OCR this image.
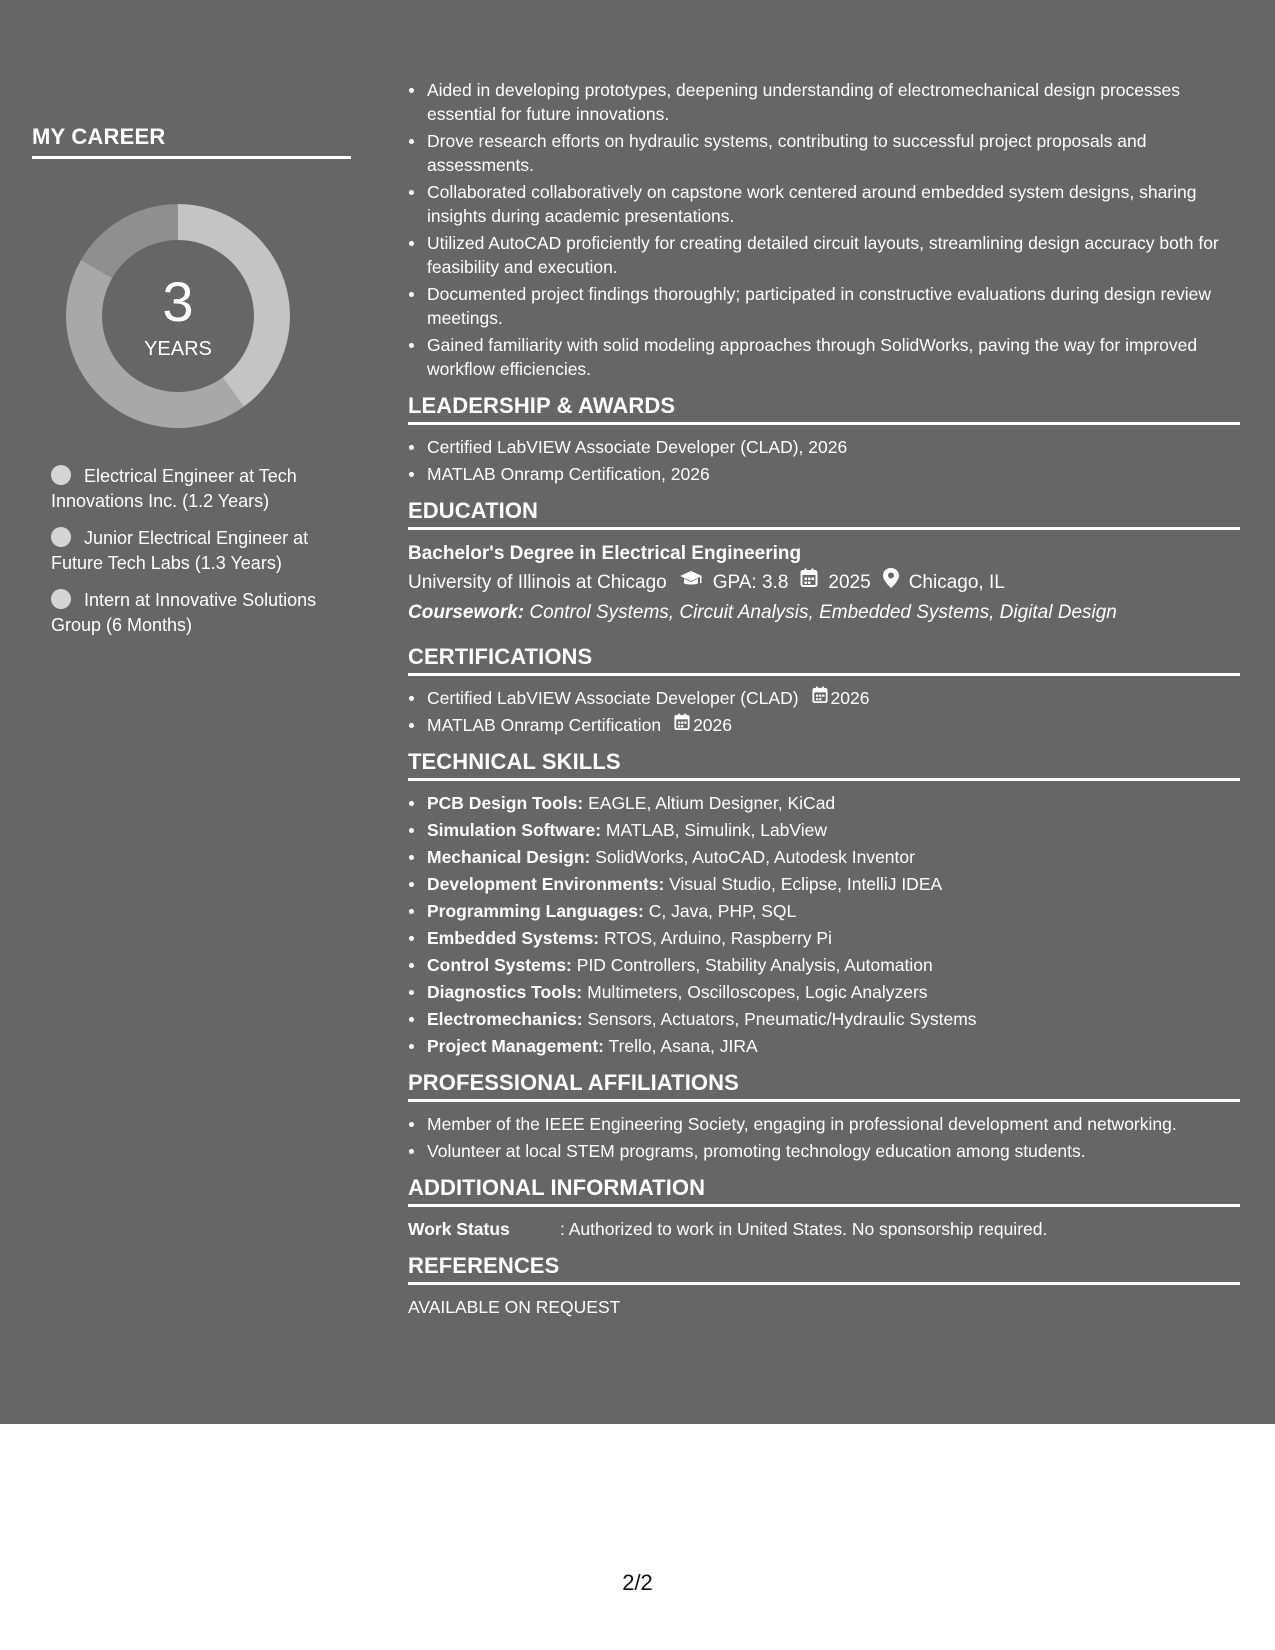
MY CAREER
3
YEARS
Electrical Engineer at Tech Innovations Inc. (1.2 Years)
Junior Electrical Engineer at Future Tech Labs (1.3 Years)
Intern at Innovative Solutions Group (6 Months)
Aided in developing prototypes, deepening understanding of electromechanical design processes essential for future innovations.
Drove research efforts on hydraulic systems, contributing to successful project proposals and assessments.
Collaborated collaboratively on capstone work centered around embedded system designs, sharing insights during academic presentations.
Utilized AutoCAD proficiently for creating detailed circuit layouts, streamlining design accuracy both for feasibility and execution.
Documented project findings thoroughly; participated in constructive evaluations during design review meetings.
Gained familiarity with solid modeling approaches through SolidWorks, paving the way for improved workflow efficiencies.
LEADERSHIP & AWARDS
Certified LabVIEW Associate Developer (CLAD), 2026
MATLAB Onramp Certification, 2026
EDUCATION
Bachelor's Degree in Electrical Engineering
University of Illinois at Chicago GPA: 3.8 2025 Chicago, IL
Coursework: Control Systems, Circuit Analysis, Embedded Systems, Digital Design
CERTIFICATIONS
Certified LabVIEW Associate Developer (CLAD) 2026
MATLAB Onramp Certification 2026
TECHNICAL SKILLS
PCB Design Tools: EAGLE, Altium Designer, KiCad
Simulation Software: MATLAB, Simulink, LabView
Mechanical Design: SolidWorks, AutoCAD, Autodesk Inventor
Development Environments: Visual Studio, Eclipse, IntelliJ IDEA
Programming Languages: C, Java, PHP, SQL
Embedded Systems: RTOS, Arduino, Raspberry Pi
Control Systems: PID Controllers, Stability Analysis, Automation
Diagnostics Tools: Multimeters, Oscilloscopes, Logic Analyzers
Electromechanics: Sensors, Actuators, Pneumatic/Hydraulic Systems
Project Management: Trello, Asana, JIRA
PROFESSIONAL AFFILIATIONS
Member of the IEEE Engineering Society, engaging in professional development and networking.
Volunteer at local STEM programs, promoting technology education among students.
ADDITIONAL INFORMATION
Work Status	: Authorized to work in United States. No sponsorship required.
REFERENCES
AVAILABLE ON REQUEST
2/2
